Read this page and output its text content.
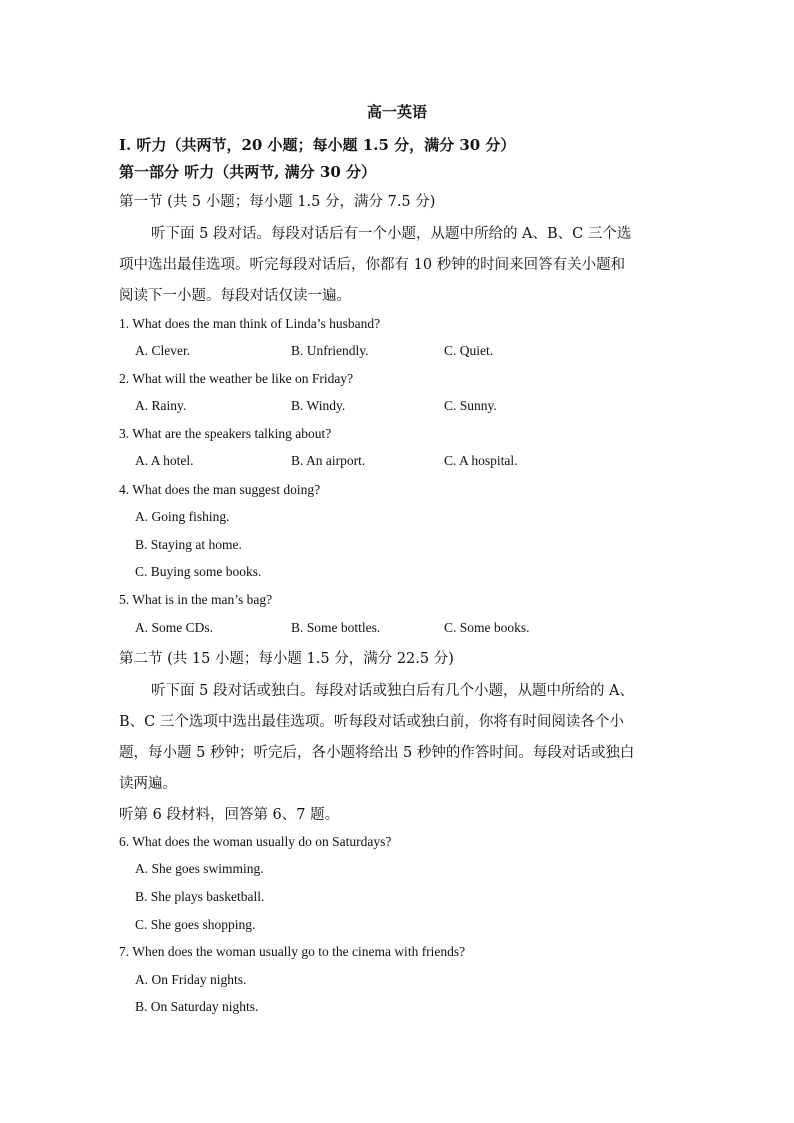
高一英语
I. 听力（共两节，20 小题；每小题 1.5 分，满分 30 分）
第一部分 听力（共两节, 满分 30 分）
第一节 (共 5 小题；每小题 1.5 分，满分 7.5 分)
听下面 5 段对话。每段对话后有一个小题，从题中所给的 A、B、C 三个选
项中选出最佳选项。听完每段对话后，你都有 10 秒钟的时间来回答有关小题和
阅读下一小题。每段对话仅读一遍。
1. What does the man think of Linda’s husband?
A. Clever.	B. Unfriendly.	C. Quiet.
2. What will the weather be like on Friday?
A. Rainy.	B. Windy.	C. Sunny.
3. What are the speakers talking about?
A. A hotel.	B. An airport.	C. A hospital.
4. What does the man suggest doing?
A. Going fishing.
B. Staying at home.
C. Buying some books.
5. What is in the man’s bag?
A. Some CDs.	B. Some bottles.	C. Some books.
第二节 (共 15 小题；每小题 1.5 分，满分 22.5 分)
听下面 5 段对话或独白。每段对话或独白后有几个小题，从题中所给的 A、
B、C 三个选项中选出最佳选项。听每段对话或独白前，你将有时间阅读各个小
题，每小题 5 秒钟；听完后，各小题将给出 5 秒钟的作答时间。每段对话或独白
读两遍。
听第 6 段材料，回答第 6、7 题。
6. What does the woman usually do on Saturdays?
A. She goes swimming.
B. She plays basketball.
C. She goes shopping.
7. When does the woman usually go to the cinema with friends?
A. On Friday nights.
B. On Saturday nights.
